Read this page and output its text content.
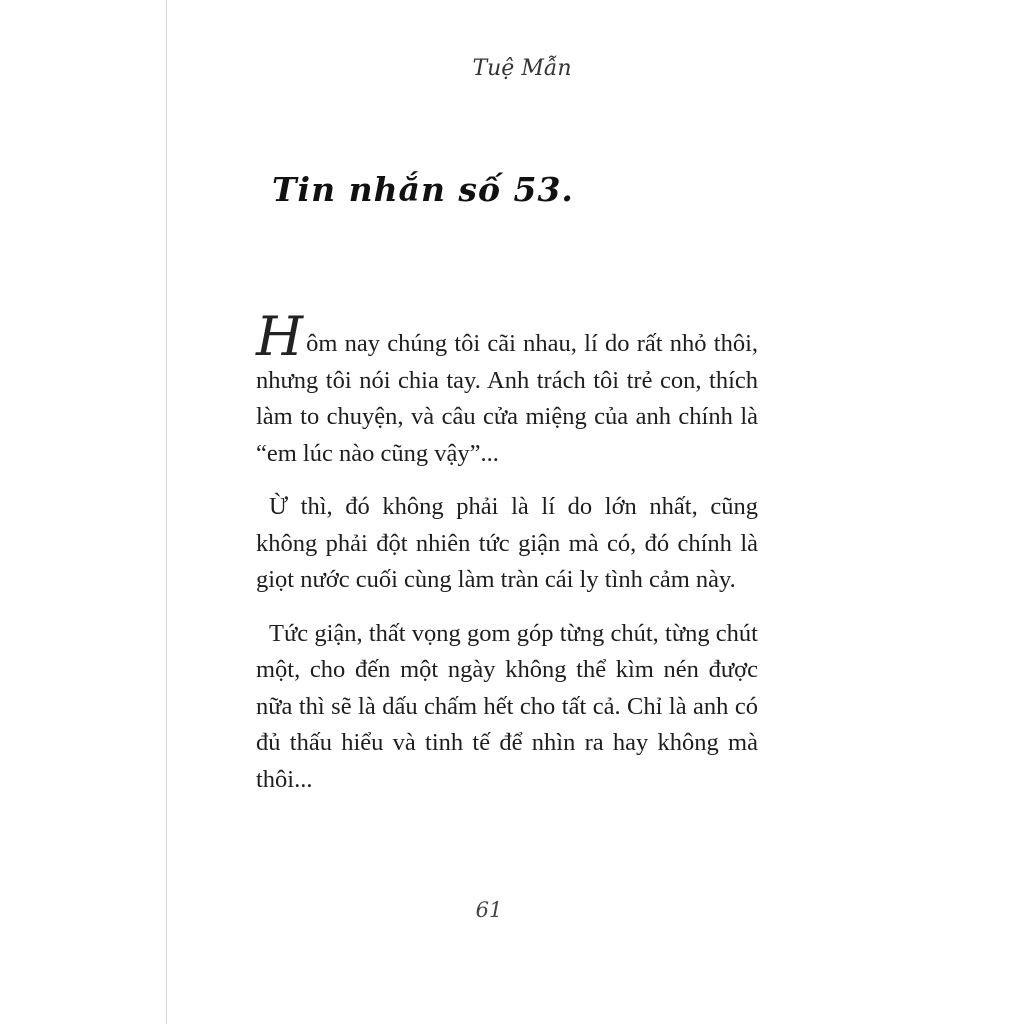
Tuệ Mẫn
Tin nhắn số 53.

Hôm nay chúng tôi cãi nhau, lí do rất nhỏ thôi, nhưng tôi nói chia tay. Anh trách tôi trẻ con, thích làm to chuyện, và câu cửa miệng của anh chính là “em lúc nào cũng vậy”...

Ừ thì, đó không phải là lí do lớn nhất, cũng không phải đột nhiên tức giận mà có, đó chính là giọt nước cuối cùng làm tràn cái ly tình cảm này.

Tức giận, thất vọng gom góp từng chút, từng chút một, cho đến một ngày không thể kìm nén được nữa thì sẽ là dấu chấm hết cho tất cả. Chỉ là anh có đủ thấu hiểu và tinh tế để nhìn ra hay không mà thôi...

61
